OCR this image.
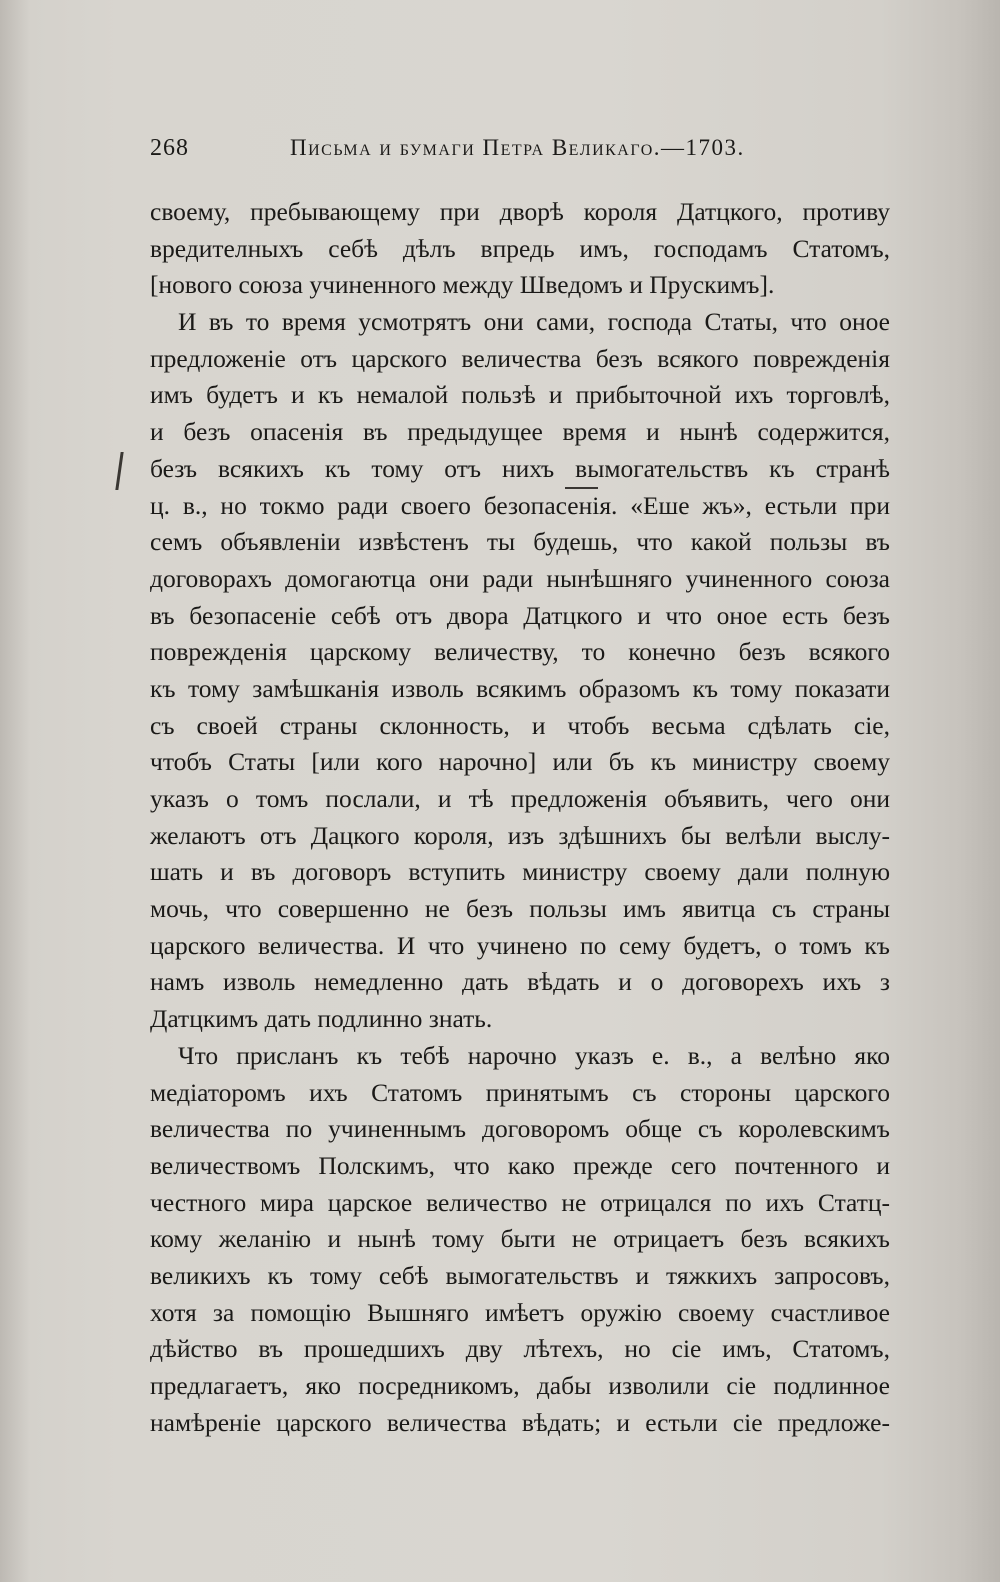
268	Письма и бумаги Петра Великаго.—1703.
своему, пребывающему при дворѣ короля Датцкого, противу
вредителныхъ себѣ дѣлъ впредь имъ, господамъ Статомъ,
[нового союза учиненного между Шведомъ и Прускимъ].
И въ то время усмотрятъ они сами, господа Статы, что оное
предложенiе отъ царского величества безъ всякого поврежденiя
имъ будетъ и къ немалой пользѣ и прибыточной ихъ торговлѣ,
и безъ опасенiя въ предыдущее время и нынѣ содержится,
безъ всякихъ къ тому отъ нихъ вымогательствъ къ странѣ
ц. в., но токмо ради своего безопасенiя. «Еше жъ», естьли при
семъ объявленiи извѣстенъ ты будешь, что какой пользы въ
договорахъ домогаютца они ради нынѣшняго учиненного союза
въ безопасенiе себѣ отъ двора Датцкого и что оное есть безъ
поврежденiя царскому величеству, то конечно безъ всякого
къ тому замѣшканiя изволь всякимъ образомъ къ тому показати
съ своей страны склонность, и чтобъ весьма сдѣлать сiе,
чтобъ Статы [или кого нарочно] или бъ къ министру своему
указъ о томъ послали, и тѣ предложенiя объявить, чего они
желаютъ отъ Дацкого короля, изъ здѣшнихъ бы велѣли выслу-
шать и въ договоръ вступить министру своему дали полную
мочь, что совершенно не безъ пользы имъ явитца съ страны
царского величества. И что учинено по сему будетъ, о томъ къ
намъ изволь немедленно дать вѣдать и о договорехъ ихъ з
Датцкимъ дать подлинно знать.
Что присланъ къ тебѣ нарочно указъ е. в., а велѣно яко
медiаторомъ ихъ Статомъ принятымъ съ стороны царского
величества по учиненнымъ договоромъ обще съ королевскимъ
величествомъ Полскимъ, что како прежде сего почтенного и
честного мира царское величество не отрицался по ихъ Статц-
кому желанiю и нынѣ тому быти не отрицаетъ безъ всякихъ
великихъ къ тому себѣ вымогательствъ и тяжкихъ запросовъ,
хотя за помощiю Вышняго имѣетъ оружiю своему счастливое
дѣйство въ прошедшихъ дву лѣтехъ, но сiе имъ, Статомъ,
предлагаетъ, яко посредникомъ, дабы изволили сiе подлинное
намѣренiе царского величества вѣдать; и естьли сiе предложе-
